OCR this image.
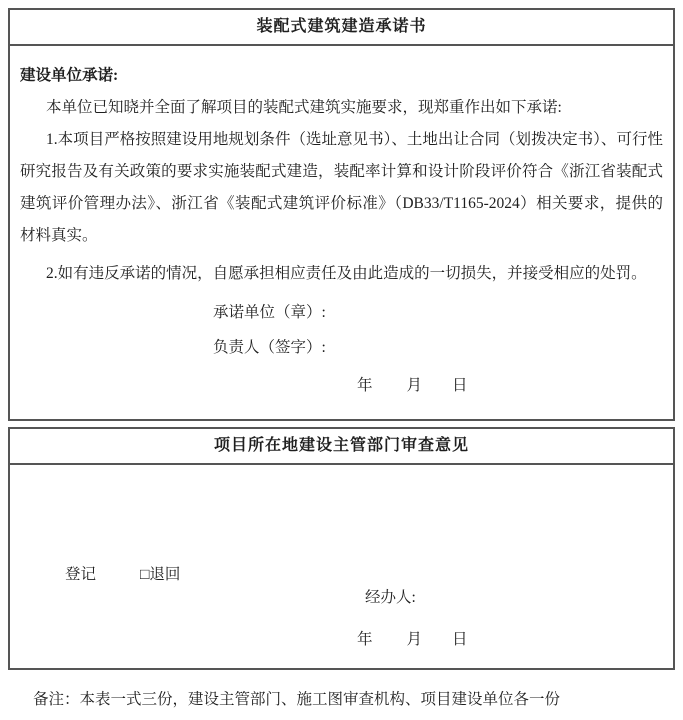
装配式建筑建造承诺书

建设单位承诺:

本单位已知晓并全面了解项目的装配式建筑实施要求，现郑重作出如下承诺:

1.本项目严格按照建设用地规划条件（选址意见书）、土地出让合同（划拨决定书）、可行性研究报告及有关政策的要求实施装配式建造，装配率计算和设计阶段评价符合《浙江省装配式建筑评价管理办法》、浙江省《装配式建筑评价标准》（DB33/T1165-2024）相关要求，提供的材料真实。

2.如有违反承诺的情况，自愿承担相应责任及由此造成的一切损失，并接受相应的处罚。

承诺单位（章）:
负责人（签字）:
年 月 日
项目所在地建设主管部门审查意见
登记	□退回
经办人:
年 月 日

备注：本表一式三份，建设主管部门、施工图审查机构、项目建设单位各一份
